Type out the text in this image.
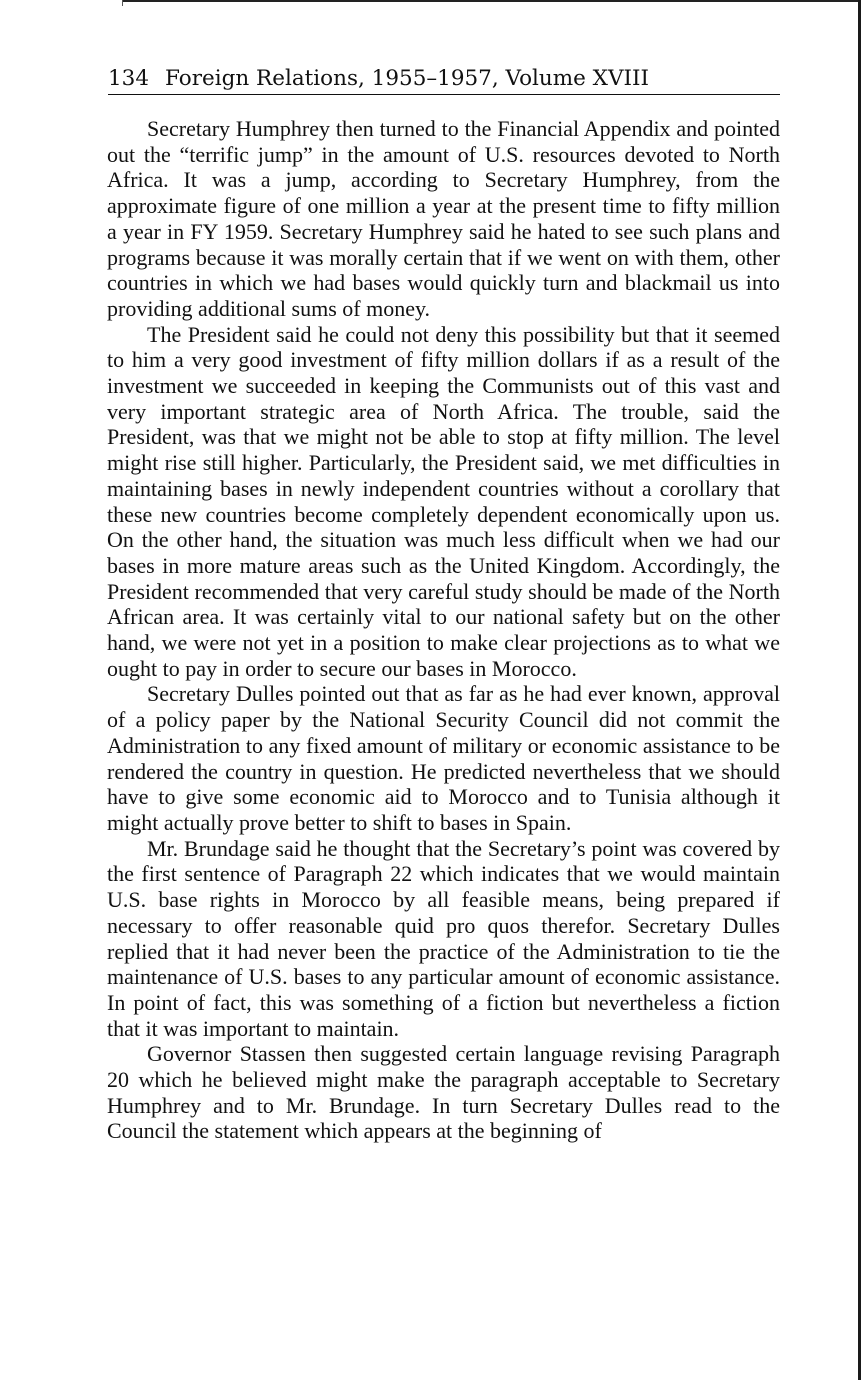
134 Foreign Relations, 1955–1957, Volume XVIII

Secretary Humphrey then turned to the Financial Appendix and pointed out the “terrific jump” in the amount of U.S. resources devoted to North Africa. It was a jump, according to Secretary Humphrey, from the approximate figure of one million a year at the present time to fifty million a year in FY 1959. Secretary Humphrey said he hated to see such plans and programs because it was morally certain that if we went on with them, other countries in which we had bases would quickly turn and blackmail us into providing additional sums of money.

The President said he could not deny this possibility but that it seemed to him a very good investment of fifty million dollars if as a result of the investment we succeeded in keeping the Communists out of this vast and very important strategic area of North Africa. The trouble, said the President, was that we might not be able to stop at fifty million. The level might rise still higher. Particularly, the President said, we met difficulties in maintaining bases in newly independent countries without a corollary that these new countries become completely dependent economically upon us. On the other hand, the situation was much less difficult when we had our bases in more mature areas such as the United Kingdom. Accordingly, the President recommended that very careful study should be made of the North African area. It was certainly vital to our national safety but on the other hand, we were not yet in a position to make clear projections as to what we ought to pay in order to secure our bases in Morocco.

Secretary Dulles pointed out that as far as he had ever known, approval of a policy paper by the National Security Council did not commit the Administration to any fixed amount of military or economic assistance to be rendered the country in question. He predicted nevertheless that we should have to give some economic aid to Morocco and to Tunisia although it might actually prove better to shift to bases in Spain.

Mr. Brundage said he thought that the Secretary’s point was covered by the first sentence of Paragraph 22 which indicates that we would maintain U.S. base rights in Morocco by all feasible means, being prepared if necessary to offer reasonable quid pro quos therefor. Secretary Dulles replied that it had never been the practice of the Administration to tie the maintenance of U.S. bases to any particular amount of economic assistance. In point of fact, this was something of a fiction but nevertheless a fiction that it was important to maintain.

Governor Stassen then suggested certain language revising Paragraph 20 which he believed might make the paragraph acceptable to Secretary Humphrey and to Mr. Brundage. In turn Secretary Dulles read to the Council the statement which appears at the beginning of
